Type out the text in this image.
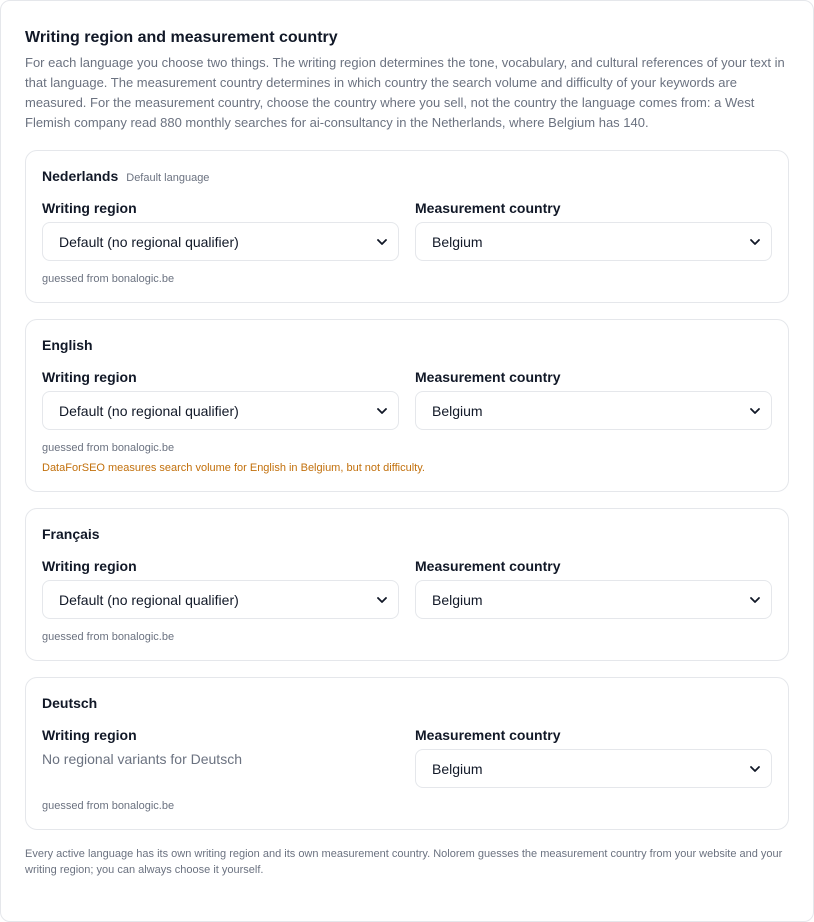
Writing region and measurement country
For each language you choose two things. The writing region determines the tone, vocabulary, and cultural references of your text in that language. The measurement country determines in which country the search volume and difficulty of your keywords are measured. For the measurement country, choose the country where you sell, not the country the language comes from: a West Flemish company read 880 monthly searches for ai-consultancy in the Netherlands, where Belgium has 140.
Nederlands Default language
Writing region
Default (no regional qualifier)
Measurement country
Belgium
guessed from bonalogic.be
English
Writing region
Default (no regional qualifier)
Measurement country
Belgium
guessed from bonalogic.be
DataForSEO measures search volume for English in Belgium, but not difficulty.
Français
Writing region
Default (no regional qualifier)
Measurement country
Belgium
guessed from bonalogic.be
Deutsch
Writing region
No regional variants for Deutsch
Measurement country
Belgium
guessed from bonalogic.be
Every active language has its own writing region and its own measurement country. Nolorem guesses the measurement country from your website and your writing region; you can always choose it yourself.
